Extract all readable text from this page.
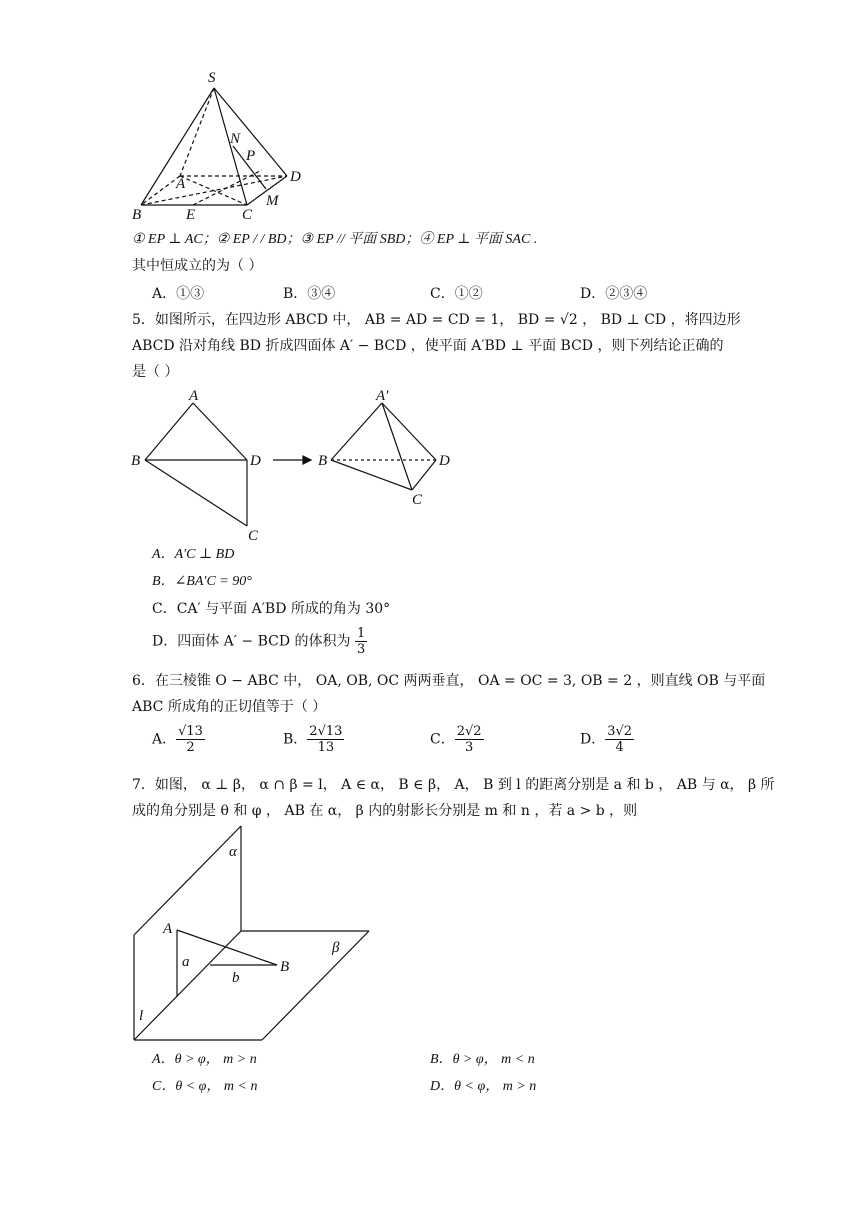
S
N
P
A	D
B	E	C
M
① EP ⊥ AC；② EP / / BD；③ EP // 平面 SBD；④ EP ⊥ 平面 SAC .
其中恒成立的为（ ）
A．①③	B．③④	C．①②	D．②③④
5．如图所示，在四边形 ABCD 中， AB = AD = CD = 1， BD = √2 ， BD ⊥ CD ，将四边形
ABCD 沿对角线 BD 折成四面体 A′ − BCD ，使平面 A′BD ⊥ 平面 BCD ，则下列结论正确的
是（ ）
A
B	D
C
A′
B	D
C
A．A′C ⊥ BD
B．∠BA′C = 90°
C．CA′ 与平面 A′BD 所成的角为 30°
D．四面体 A′ − BCD 的体积为 $\frac{1}{3}$
6．在三棱锥 O − ABC 中， OA, OB, OC 两两垂直， OA = OC = 3, OB = 2 ，则直线 OB 与平面
ABC 所成角的正切值等于（ ）
A． $\frac{√13}{2}$	B． $\frac{2√13}{13}$	C． $\frac{2√2}{3}$	D． $\frac{3√2}{4}$
7．如图， α ⊥ β， α ∩ β = l， A ∈ α， B ∈ β， A， B 到 l 的距离分别是 a 和 b ， AB 与 α， β 所
成的角分别是 θ 和 φ ， AB 在 α， β 内的射影长分别是 m 和 n ，若 a > b ，则
α
β
A
B
a
b
l
A．θ > φ， m > n	B．θ > φ， m < n
C．θ < φ， m < n	D．θ < φ， m > n
